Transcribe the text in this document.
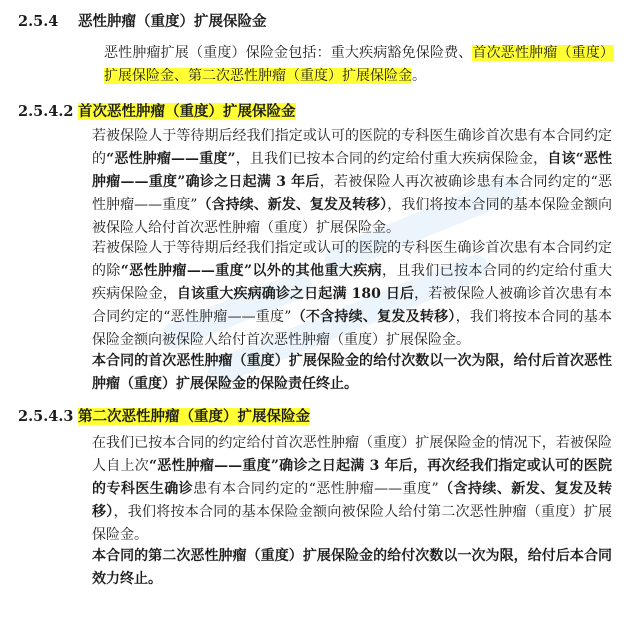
2.5.4 恶性肿瘤（重度）扩展保险金
恶性肿瘤扩展（重度）保险金包括：重大疾病豁免保险费、首次恶性肿瘤（重度）扩展保险金、第二次恶性肿瘤（重度）扩展保险金。
2.5.4.2 首次恶性肿瘤（重度）扩展保险金
若被保险人于等待期后经我们指定或认可的医院的专科医生确诊首次患有本合同约定的“恶性肿瘤——重度”，且我们已按本合同的约定给付重大疾病保险金，自该“恶性肿瘤——重度”确诊之日起满 3 年后，若被保险人再次被确诊患有本合同约定的“恶性肿瘤——重度”（含持续、新发、复发及转移），我们将按本合同的基本保险金额向被保险人给付首次恶性肿瘤（重度）扩展保险金。
若被保险人于等待期后经我们指定或认可的医院的专科医生确诊首次患有本合同约定的除“恶性肿瘤——重度”以外的其他重大疾病，且我们已按本合同的约定给付重大疾病保险金，自该重大疾病确诊之日起满 180 日后，若被保险人被确诊首次患有本合同约定的“恶性肿瘤——重度”（不含持续、复发及转移），我们将按本合同的基本保险金额向被保险人给付首次恶性肿瘤（重度）扩展保险金。
本合同的首次恶性肿瘤（重度）扩展保险金的给付次数以一次为限，给付后首次恶性肿瘤（重度）扩展保险金的保险责任终止。
2.5.4.3 第二次恶性肿瘤（重度）扩展保险金
在我们已按本合同的约定给付首次恶性肿瘤（重度）扩展保险金的情况下，若被保险人自上次“恶性肿瘤——重度”确诊之日起满 3 年后，再次经我们指定或认可的医院的专科医生确诊患有本合同约定的“恶性肿瘤——重度”（含持续、新发、复发及转移），我们将按本合同的基本保险金额向被保险人给付第二次恶性肿瘤（重度）扩展保险金。
本合同的第二次恶性肿瘤（重度）扩展保险金的给付次数以一次为限，给付后本合同效力终止。
